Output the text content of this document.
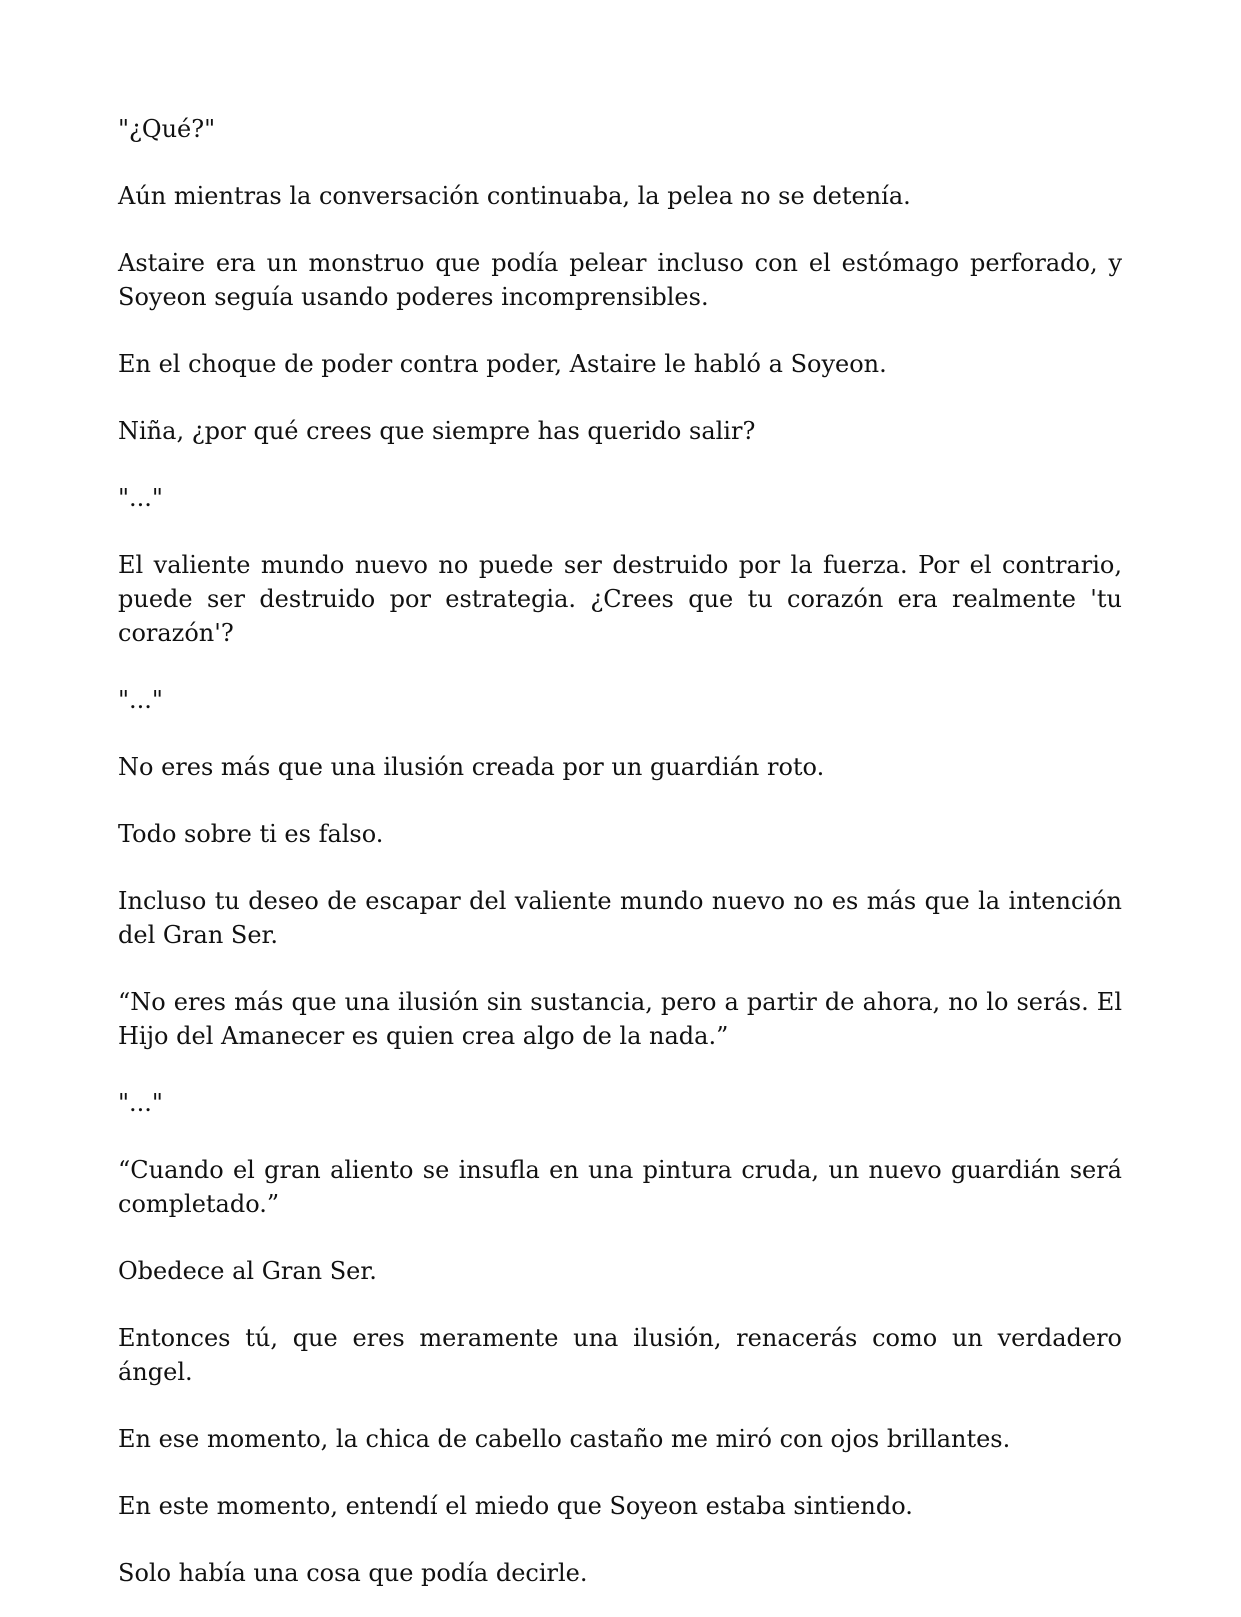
"¿Qué?"

Aún mientras la conversación continuaba, la pelea no se detenía.

Astaire era un monstruo que podía pelear incluso con el estómago perforado, y Soyeon seguía usando poderes incomprensibles.

En el choque de poder contra poder, Astaire le habló a Soyeon.

Niña, ¿por qué crees que siempre has querido salir?

"..."

El valiente mundo nuevo no puede ser destruido por la fuerza. Por el contrario, puede ser destruido por estrategia. ¿Crees que tu corazón era realmente 'tu corazón'?

"..."

No eres más que una ilusión creada por un guardián roto.

Todo sobre ti es falso.

Incluso tu deseo de escapar del valiente mundo nuevo no es más que la intención del Gran Ser.

“No eres más que una ilusión sin sustancia, pero a partir de ahora, no lo serás. El Hijo del Amanecer es quien crea algo de la nada.”

"..."

“Cuando el gran aliento se insufla en una pintura cruda, un nuevo guardián será completado.”

Obedece al Gran Ser.

Entonces tú, que eres meramente una ilusión, renacerás como un verdadero ángel.

En ese momento, la chica de cabello castaño me miró con ojos brillantes.

En este momento, entendí el miedo que Soyeon estaba sintiendo.

Solo había una cosa que podía decirle.
